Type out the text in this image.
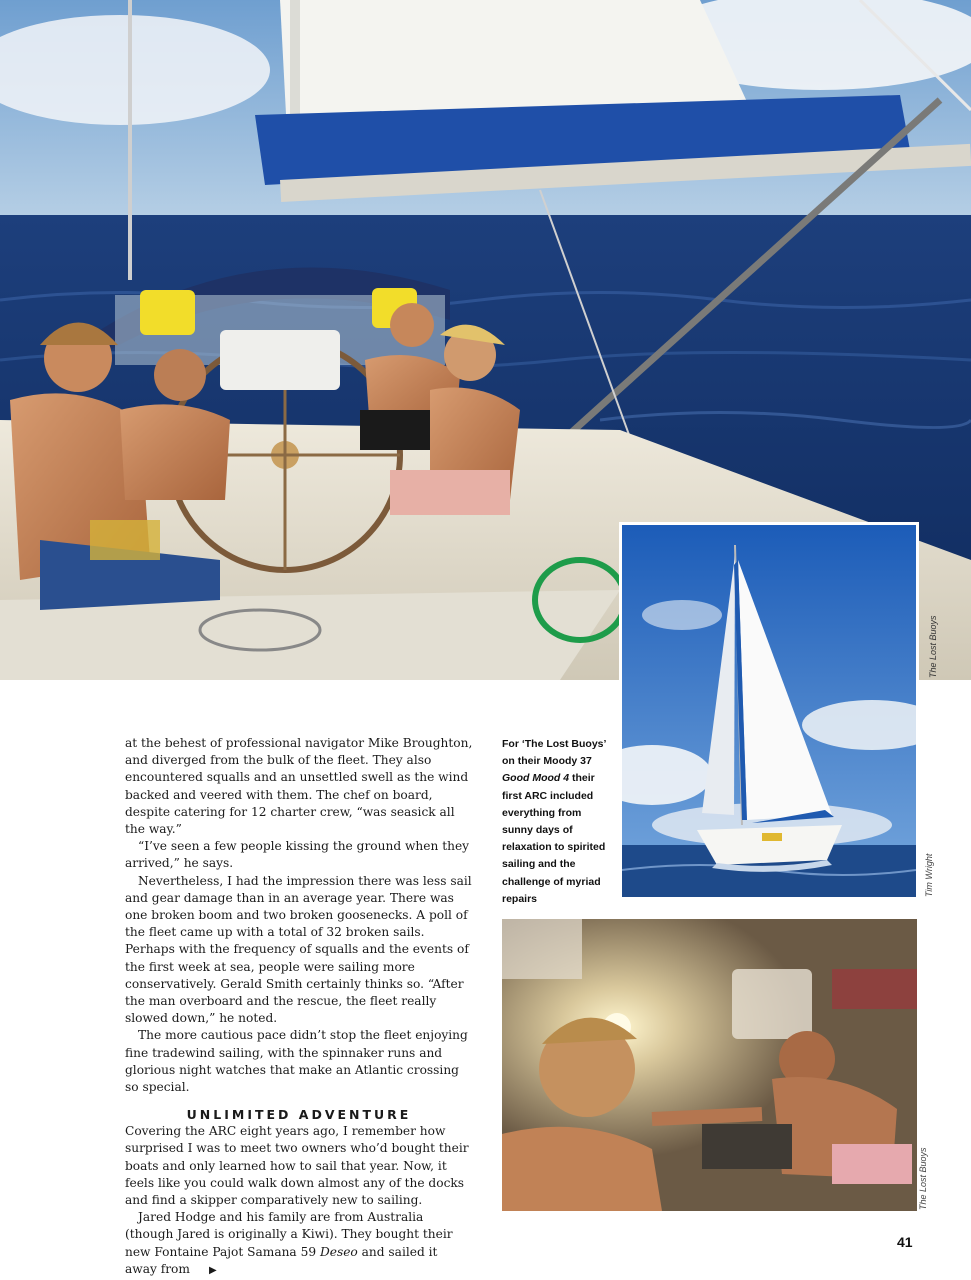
The Lost Buoys
Tim Wright

at the behest of professional navigator Mike Broughton, and diverged from the bulk of the fleet. They also encountered squalls and an unsettled swell as the wind backed and veered with them. The chef on board, despite catering for 12 charter crew, “was seasick all the way.”

“I’ve seen a few people kissing the ground when they arrived,” he says.

Nevertheless, I had the impression there was less sail and gear damage than in an average year. There was one broken boom and two broken goosenecks. A poll of the fleet came up with a total of 32 broken sails. Perhaps with the frequency of squalls and the events of the first week at sea, people were sailing more conservatively. Gerald Smith certainly thinks so. “After the man overboard and the rescue, the fleet really slowed down,” he noted.

The more cautious pace didn’t stop the fleet enjoying fine tradewind sailing, with the spinnaker runs and glorious night watches that make an Atlantic crossing so special.

UNLIMITED ADVENTURE

Covering the ARC eight years ago, I remember how surprised I was to meet two owners who’d bought their boats and only learned how to sail that year. Now, it feels like you could walk down almost any of the docks and find a skipper comparatively new to sailing.

Jared Hodge and his family are from Australia (though Jared is originally a Kiwi). They bought their new Fontaine Pajot Samana 59 Deseo and sailed it away from ▶

For ‘The Lost Buoys’ on their Moody 37 Good Mood 4 their first ARC included everything from sunny days of relaxation to spirited sailing and the challenge of myriad repairs
The Lost Buoys
41
